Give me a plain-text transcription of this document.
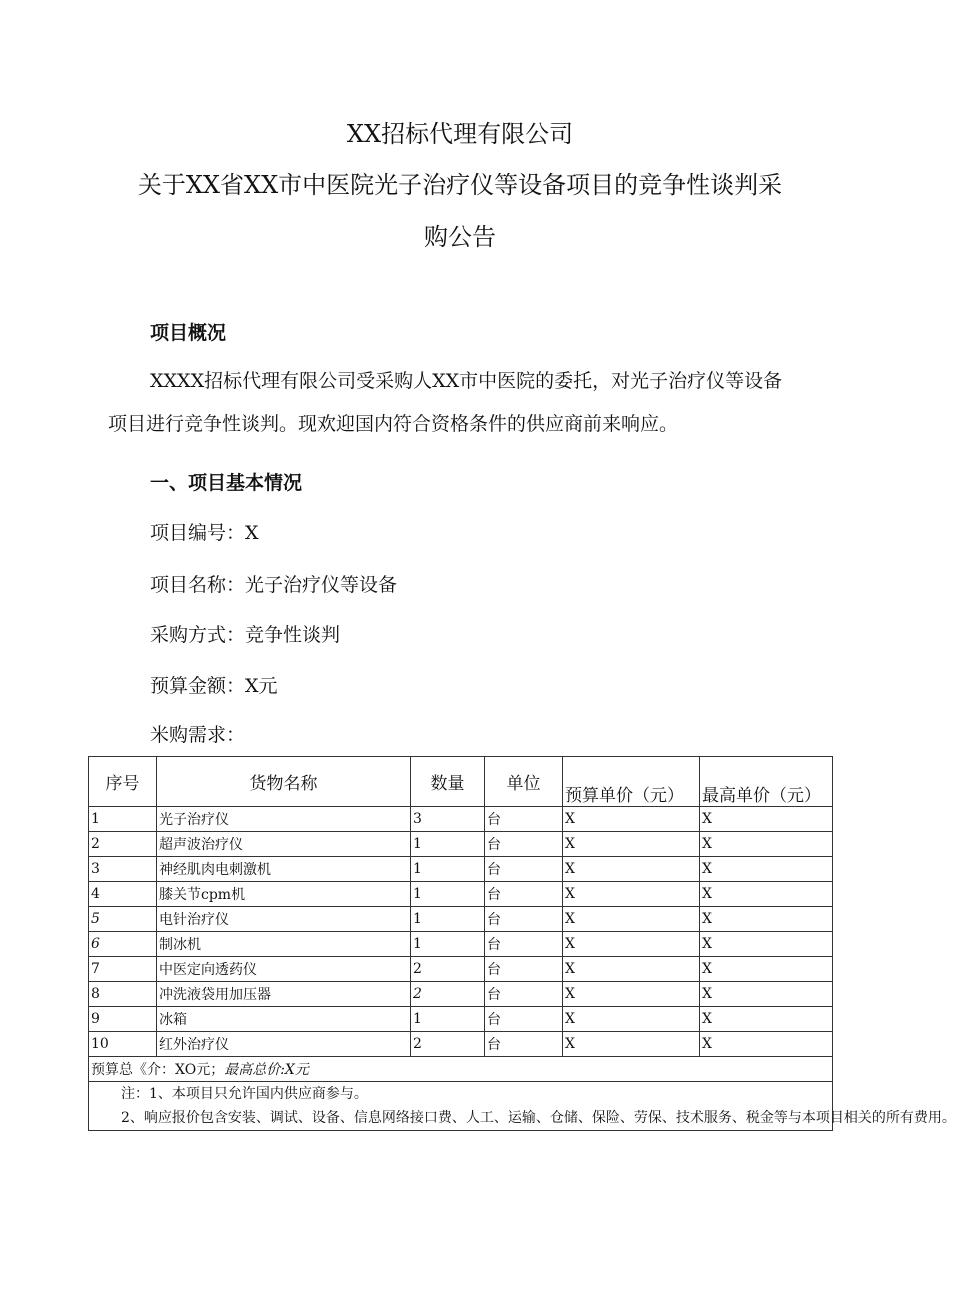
XX招标代理有限公司
关于XX省XX市中医院光子治疗仪等设备项目的竞争性谈判采
购公告
项目概况
XXXX招标代理有限公司受采购人XX市中医院的委托，对光子治疗仪等设备
项目进行竞争性谈判。现欢迎国内符合资格条件的供应商前来响应。
一、项目基本情况
项目编号：X
项目名称：光子治疗仪等设备
采购方式：竞争性谈判
预算金额：X元
米购需求：
序号	货物名称	数量	单位	预算单价（元）	最高单价（元）
1	光子治疗仪	3	台	X	X
2	超声波治疗仪	1	台	X	X
3	神经肌肉电刺激机	1	台	X	X
4	膝关节cpm机	1	台	X	X
5	电针治疗仪	1	台	X	X
6	制冰机	1	台	X	X
7	中医定向透药仪	2	台	X	X
8	冲洗液袋用加压器	2	台	X	X
9	冰箱	1	台	X	X
10	红外治疗仪	2	台	X	X
预算总《介：XO元；最高总价:X元					

注：1、本项目只允许国内供应商参与。
2、响应报价包含安装、调试、设备、信息网络接口费、人工、运输、仓储、保险、劳保、技术服务、税金等与本项目相关的所有费用。					
